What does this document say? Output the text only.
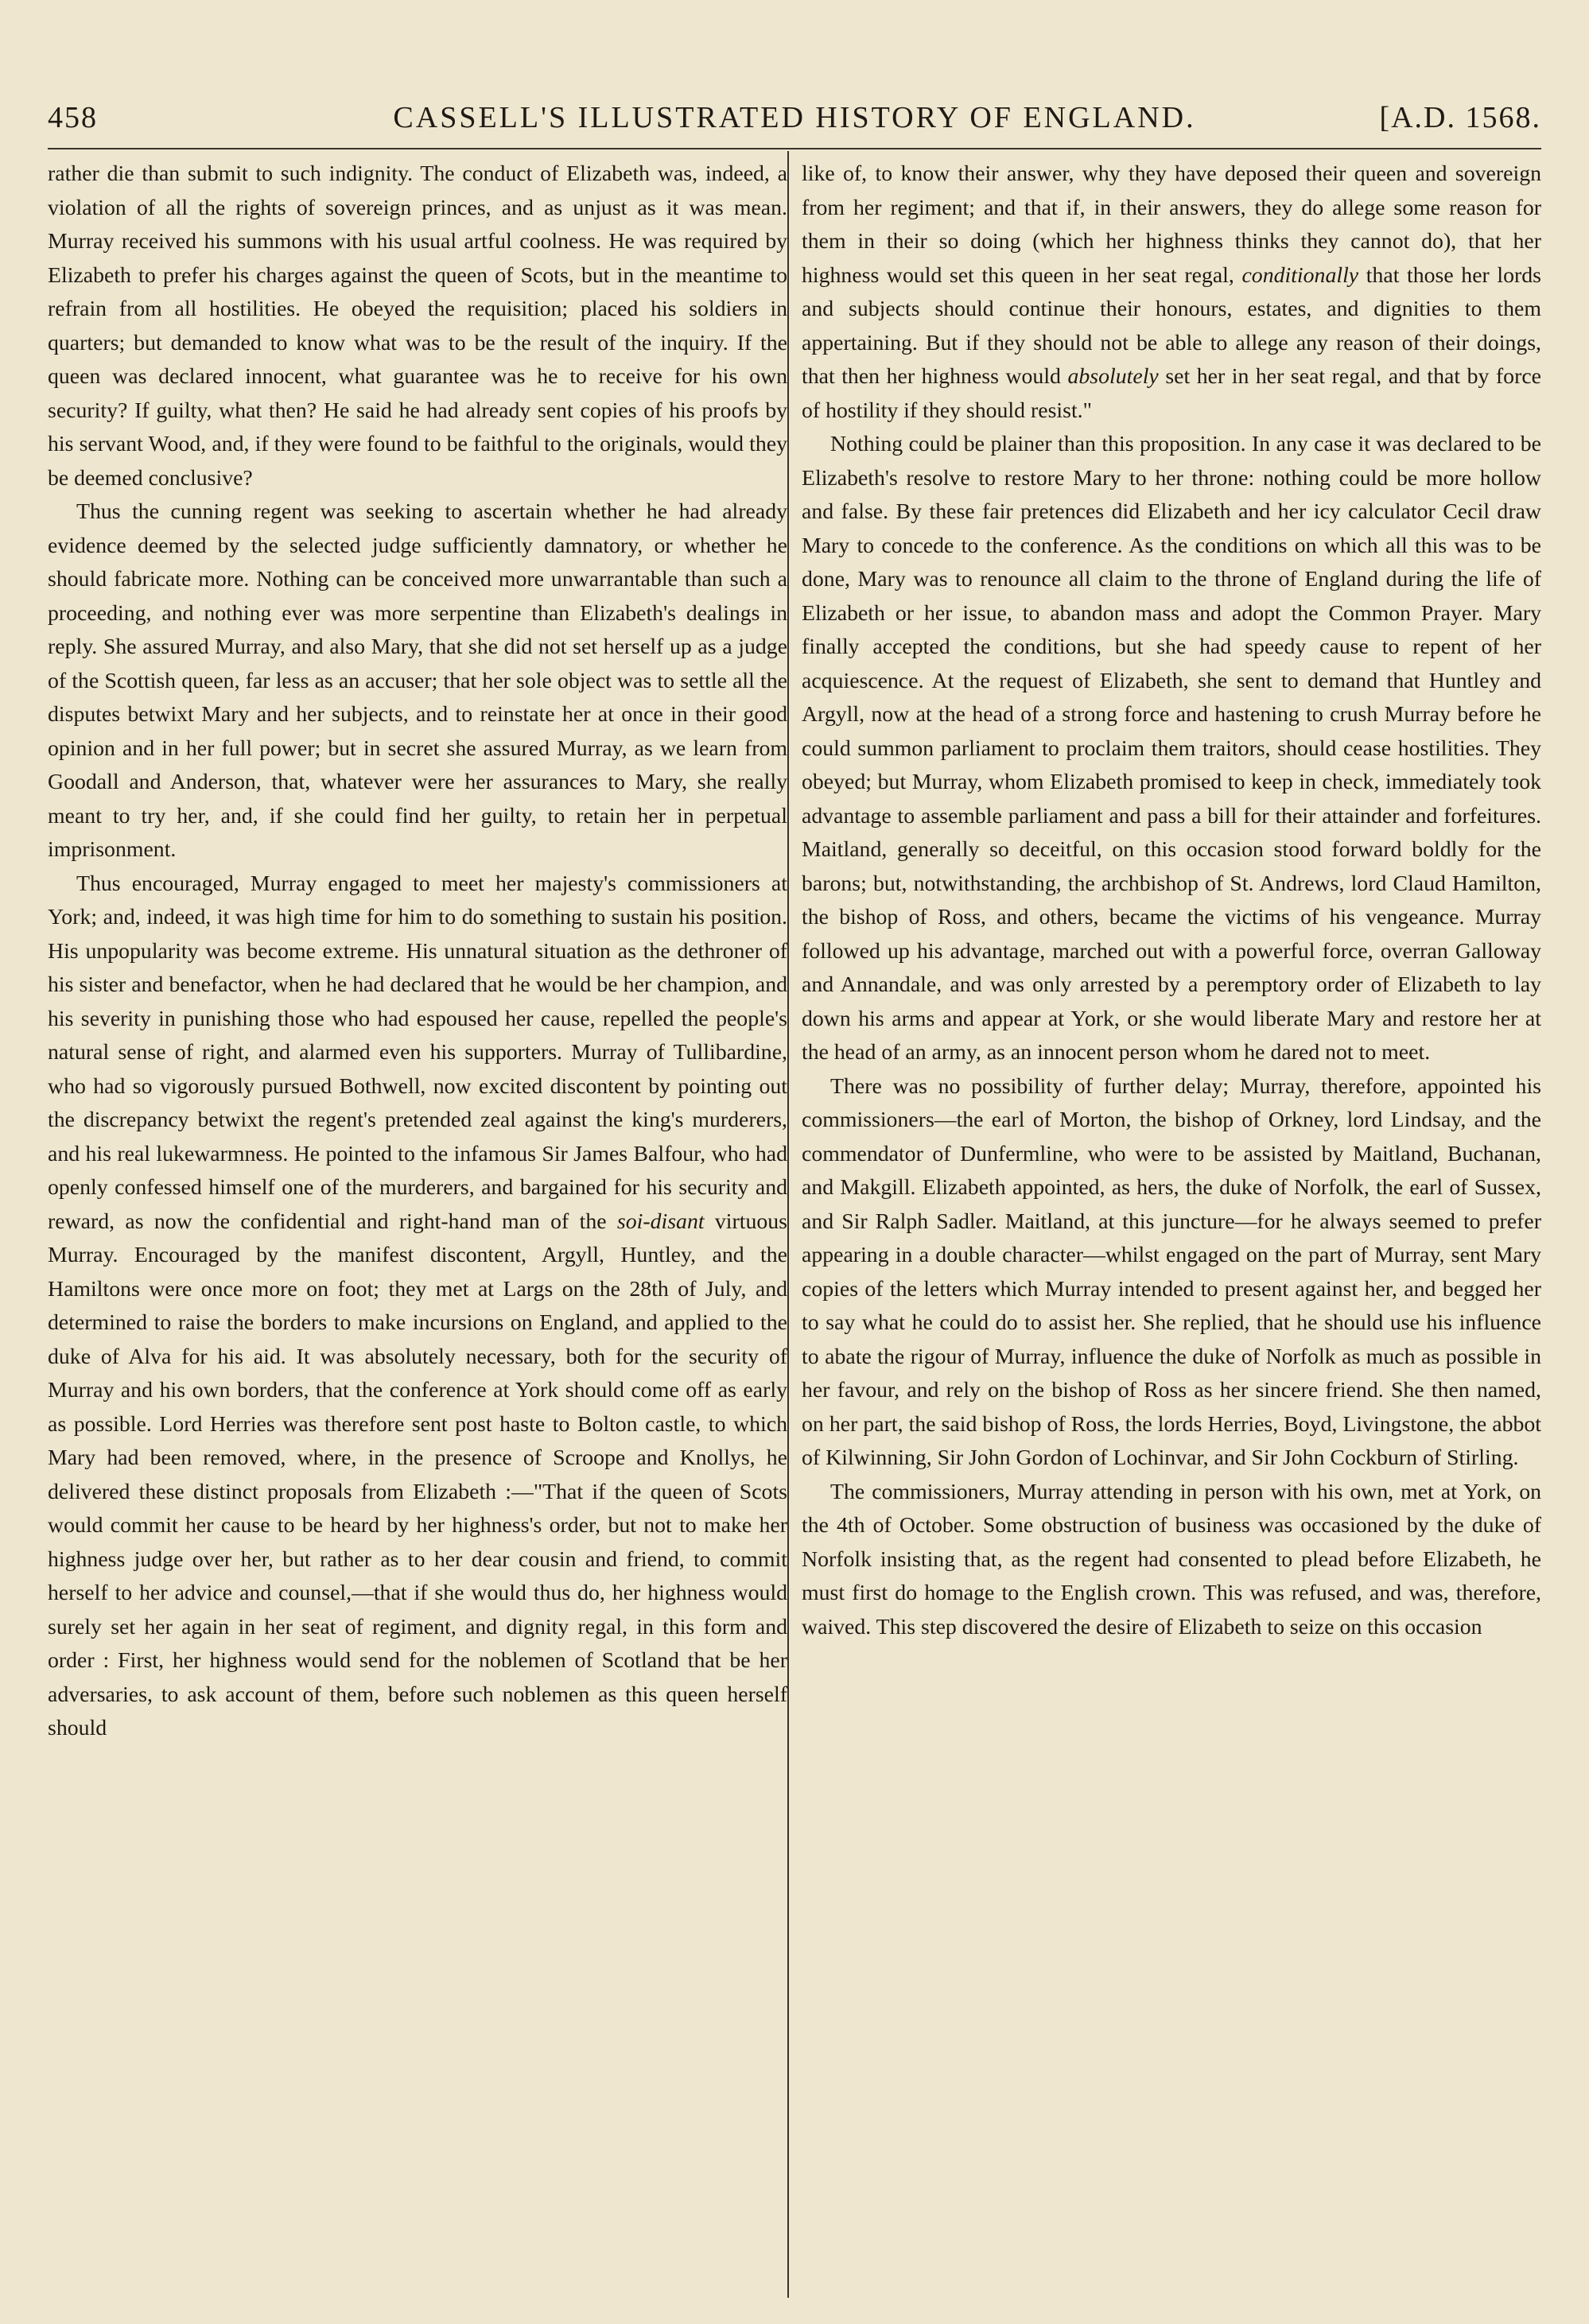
458	CASSELL'S ILLUSTRATED HISTORY OF ENGLAND.	[A.D. 1568.

rather die than submit to such indignity. The conduct of Elizabeth was, indeed, a violation of all the rights of sovereign princes, and as unjust as it was mean. Murray received his summons with his usual artful coolness. He was required by Elizabeth to prefer his charges against the queen of Scots, but in the meantime to refrain from all hostilities. He obeyed the requisition; placed his soldiers in quarters; but demanded to know what was to be the result of the inquiry. If the queen was declared innocent, what guarantee was he to receive for his own security? If guilty, what then? He said he had already sent copies of his proofs by his servant Wood, and, if they were found to be faithful to the originals, would they be deemed conclusive?

Thus the cunning regent was seeking to ascertain whether he had already evidence deemed by the selected judge sufficiently damnatory, or whether he should fabricate more. Nothing can be conceived more unwarrantable than such a proceeding, and nothing ever was more serpentine than Elizabeth's dealings in reply. She assured Murray, and also Mary, that she did not set herself up as a judge of the Scottish queen, far less as an accuser; that her sole object was to settle all the disputes betwixt Mary and her subjects, and to reinstate her at once in their good opinion and in her full power; but in secret she assured Murray, as we learn from Goodall and Anderson, that, whatever were her assurances to Mary, she really meant to try her, and, if she could find her guilty, to retain her in perpetual imprisonment.

Thus encouraged, Murray engaged to meet her majesty's commissioners at York; and, indeed, it was high time for him to do something to sustain his position. His unpopularity was become extreme. His unnatural situation as the dethroner of his sister and benefactor, when he had declared that he would be her champion, and his severity in punishing those who had espoused her cause, repelled the people's natural sense of right, and alarmed even his supporters. Murray of Tullibardine, who had so vigorously pursued Bothwell, now excited discontent by pointing out the discrepancy betwixt the regent's pretended zeal against the king's murderers, and his real lukewarmness. He pointed to the infamous Sir James Balfour, who had openly confessed himself one of the murderers, and bargained for his security and reward, as now the confidential and right-hand man of the soi-disant virtuous Murray. Encouraged by the manifest discontent, Argyll, Huntley, and the Hamiltons were once more on foot; they met at Largs on the 28th of July, and determined to raise the borders to make incursions on England, and applied to the duke of Alva for his aid. It was absolutely necessary, both for the security of Murray and his own borders, that the conference at York should come off as early as possible. Lord Herries was therefore sent post haste to Bolton castle, to which Mary had been removed, where, in the presence of Scroope and Knollys, he delivered these distinct proposals from Elizabeth :—"That if the queen of Scots would commit her cause to be heard by her highness's order, but not to make her highness judge over her, but rather as to her dear cousin and friend, to commit herself to her advice and counsel,—that if she would thus do, her highness would surely set her again in her seat of regiment, and dignity regal, in this form and order : First, her highness would send for the noblemen of Scotland that be her adversaries, to ask account of them, before such noblemen as this queen herself should

like of, to know their answer, why they have deposed their queen and sovereign from her regiment; and that if, in their answers, they do allege some reason for them in their so doing (which her highness thinks they cannot do), that her highness would set this queen in her seat regal, conditionally that those her lords and subjects should continue their honours, estates, and dignities to them appertaining. But if they should not be able to allege any reason of their doings, that then her highness would absolutely set her in her seat regal, and that by force of hostility if they should resist."

Nothing could be plainer than this proposition. In any case it was declared to be Elizabeth's resolve to restore Mary to her throne: nothing could be more hollow and false. By these fair pretences did Elizabeth and her icy calculator Cecil draw Mary to concede to the conference. As the conditions on which all this was to be done, Mary was to renounce all claim to the throne of England during the life of Elizabeth or her issue, to abandon mass and adopt the Common Prayer. Mary finally accepted the conditions, but she had speedy cause to repent of her acquiescence. At the request of Elizabeth, she sent to demand that Huntley and Argyll, now at the head of a strong force and hastening to crush Murray before he could summon parliament to proclaim them traitors, should cease hostilities. They obeyed; but Murray, whom Elizabeth promised to keep in check, immediately took advantage to assemble parliament and pass a bill for their attainder and forfeitures. Maitland, generally so deceitful, on this occasion stood forward boldly for the barons; but, notwithstanding, the archbishop of St. Andrews, lord Claud Hamilton, the bishop of Ross, and others, became the victims of his vengeance. Murray followed up his advantage, marched out with a powerful force, overran Galloway and Annandale, and was only arrested by a peremptory order of Elizabeth to lay down his arms and appear at York, or she would liberate Mary and restore her at the head of an army, as an innocent person whom he dared not to meet.

There was no possibility of further delay; Murray, therefore, appointed his commissioners—the earl of Morton, the bishop of Orkney, lord Lindsay, and the commendator of Dunfermline, who were to be assisted by Maitland, Buchanan, and Makgill. Elizabeth appointed, as hers, the duke of Norfolk, the earl of Sussex, and Sir Ralph Sadler. Maitland, at this juncture—for he always seemed to prefer appearing in a double character—whilst engaged on the part of Murray, sent Mary copies of the letters which Murray intended to present against her, and begged her to say what he could do to assist her. She replied, that he should use his influence to abate the rigour of Murray, influence the duke of Norfolk as much as possible in her favour, and rely on the bishop of Ross as her sincere friend. She then named, on her part, the said bishop of Ross, the lords Herries, Boyd, Livingstone, the abbot of Kilwinning, Sir John Gordon of Lochinvar, and Sir John Cockburn of Stirling.

The commissioners, Murray attending in person with his own, met at York, on the 4th of October. Some obstruction of business was occasioned by the duke of Norfolk insisting that, as the regent had consented to plead before Elizabeth, he must first do homage to the English crown. This was refused, and was, therefore, waived. This step discovered the desire of Elizabeth to seize on this occasion
